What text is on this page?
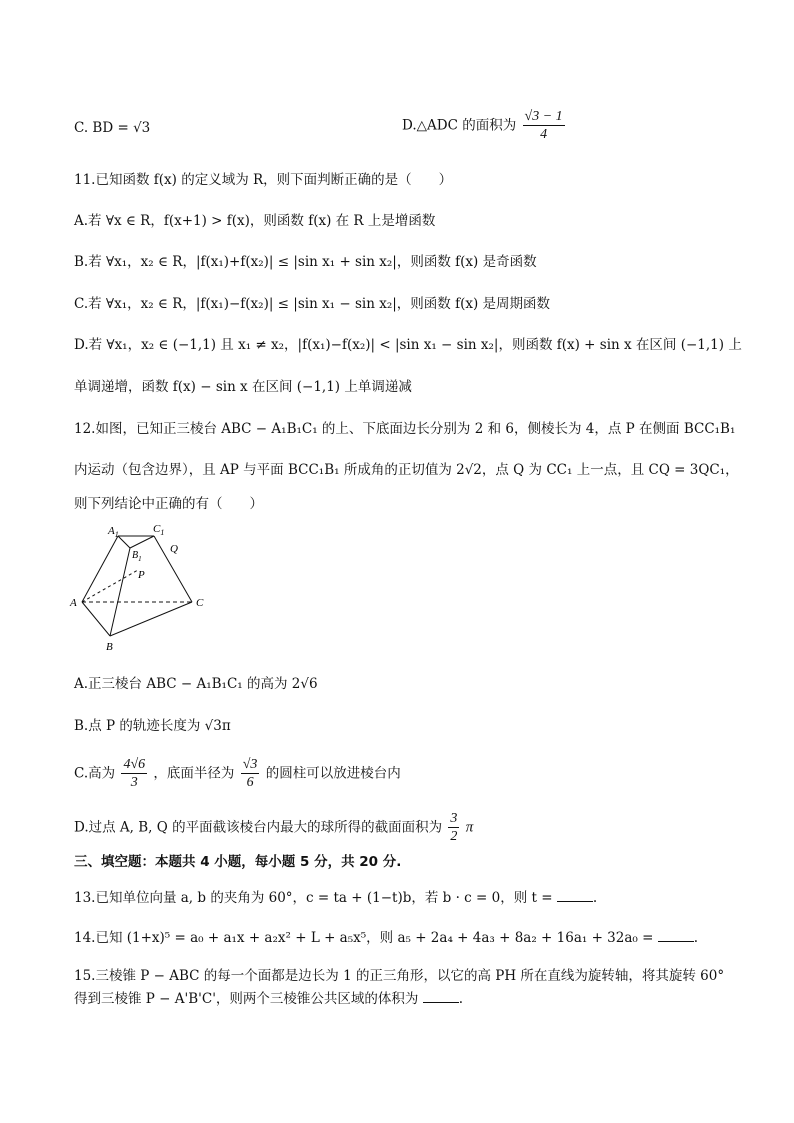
C. BD = √3	D.△ADC 的面积为 $\frac{√3 - 1}{4}$
11.已知函数 f(x) 的定义域为 R，则下面判断正确的是（　　）
A.若 ∀x ∈ R，f(x+1) > f(x)，则函数 f(x) 在 R 上是增函数
B.若 ∀x₁，x₂ ∈ R，|f(x₁)+f(x₂)| ≤ |sin x₁ + sin x₂|，则函数 f(x) 是奇函数
C.若 ∀x₁，x₂ ∈ R，|f(x₁)−f(x₂)| ≤ |sin x₁ − sin x₂|，则函数 f(x) 是周期函数
D.若 ∀x₁，x₂ ∈ (−1,1) 且 x₁ ≠ x₂，|f(x₁)−f(x₂)| < |sin x₁ − sin x₂|，则函数 f(x) + sin x 在区间 (−1,1) 上
单调递增，函数 f(x) − sin x 在区间 (−1,1) 上单调递减
12.如图，已知正三棱台 ABC − A₁B₁C₁ 的上、下底面边长分别为 2 和 6，侧棱长为 4，点 P 在侧面 BCC₁B₁
内运动（包含边界），且 AP 与平面 BCC₁B₁ 所成角的正切值为 2√2，点 Q 为 CC₁ 上一点，且 CQ = 3QC₁，
则下列结论中正确的有（　　）
$A_1$	$C_1$
$B_1$
Q
P
A	C
B
A.正三棱台 ABC − A₁B₁C₁ 的高为 2√6
B.点 P 的轨迹长度为 √3π
C.高为 $\frac{4√6}{3}$ ，底面半径为 $\frac{√3}{6}$ 的圆柱可以放进棱台内
D.过点 A, B, Q 的平面截该棱台内最大的球所得的截面面积为 $\frac{3}{2}$ π
三、填空题：本题共 4 小题，每小题 5 分，共 20 分.
13.已知单位向量 a, b 的夹角为 60°，c = ta + (1−t)b，若 b · c = 0，则 t =	.
14.已知 (1+x)⁵ = a₀ + a₁x + a₂x² + L + a₅x⁵，则 a₅ + 2a₄ + 4a₃ + 8a₂ + 16a₁ + 32a₀ =	.
15.三棱锥 P − ABC 的每一个面都是边长为 1 的正三角形，以它的高 PH 所在直线为旋转轴，将其旋转 60°
得到三棱锥 P − A'B'C'，则两个三棱锥公共区域的体积为	.
